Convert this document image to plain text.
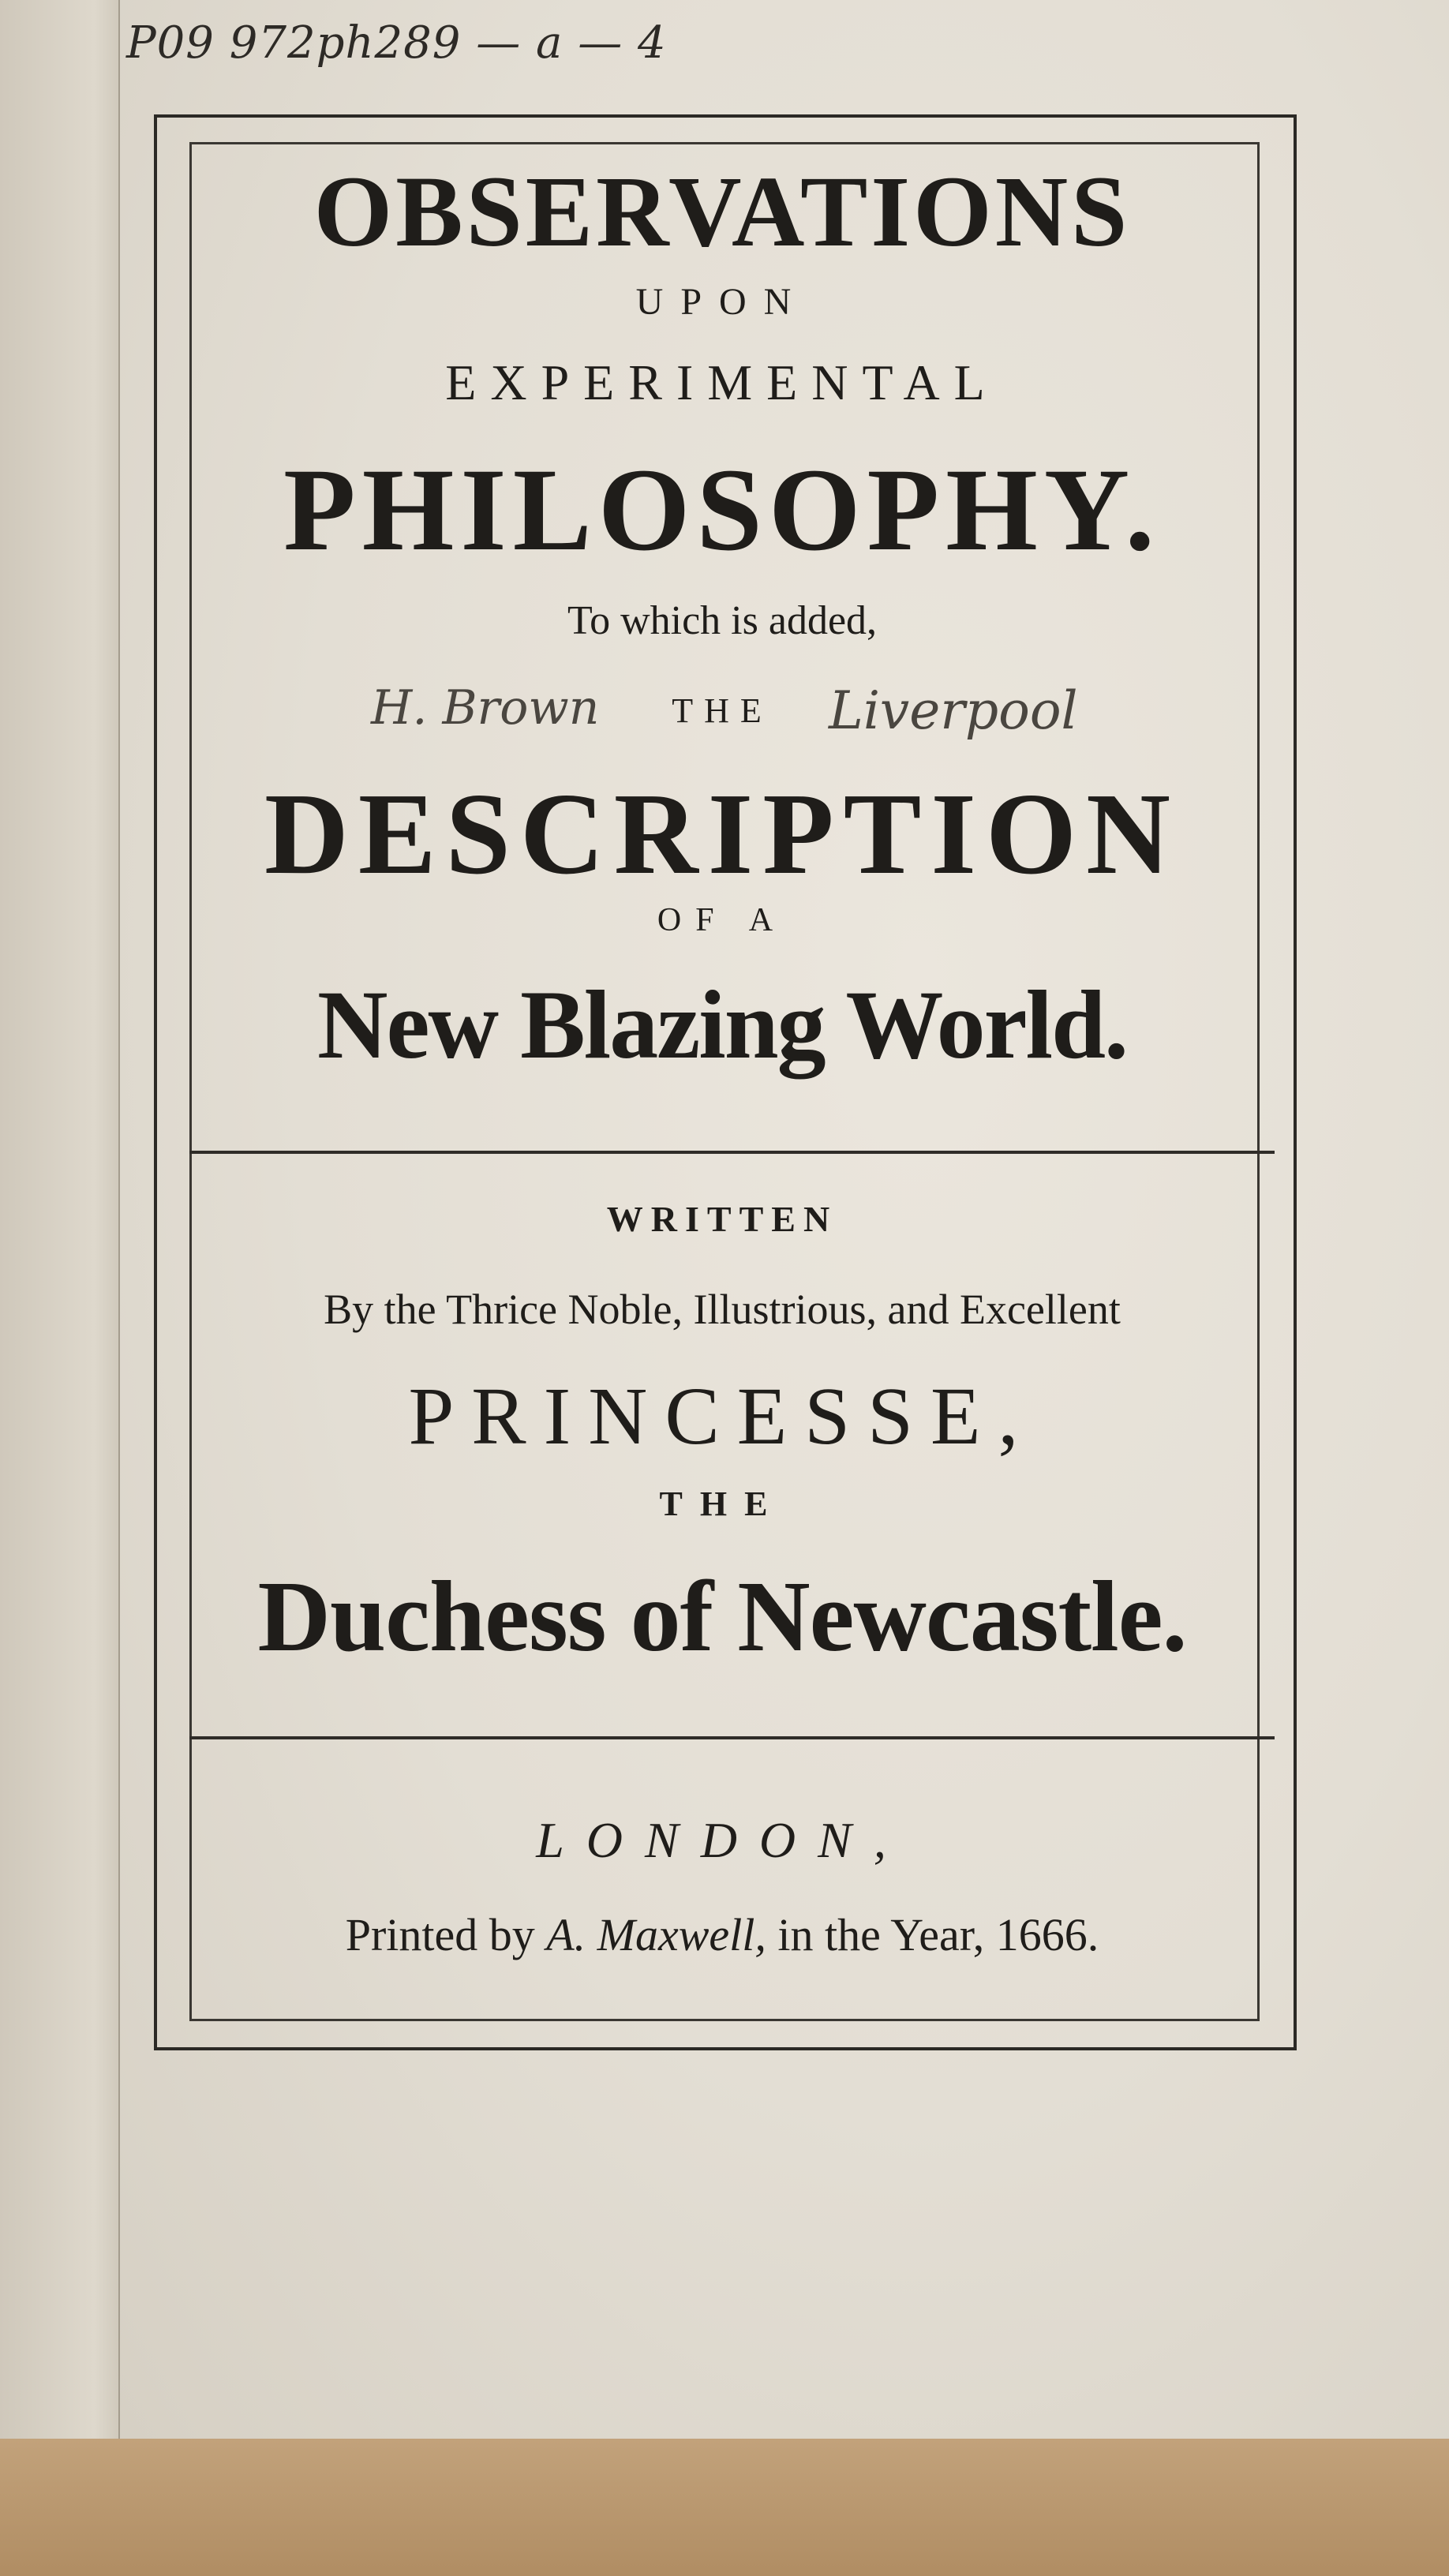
P09 972ph289 — a — 4
H. Brown	Liverpool
OBSERVATIONS
UPON
EXPERIMENTAL
PHILOSOPHY.
To which is added,
THE
DESCRIPTION
OF A
New Blazing World.
WRITTEN
By the Thrice Noble, Illustrious, and Excellent
PRINCESSE,
THE
Duchess of Newcastle.
LONDON,
Printed by A. Maxwell, in the Year, 1666.
